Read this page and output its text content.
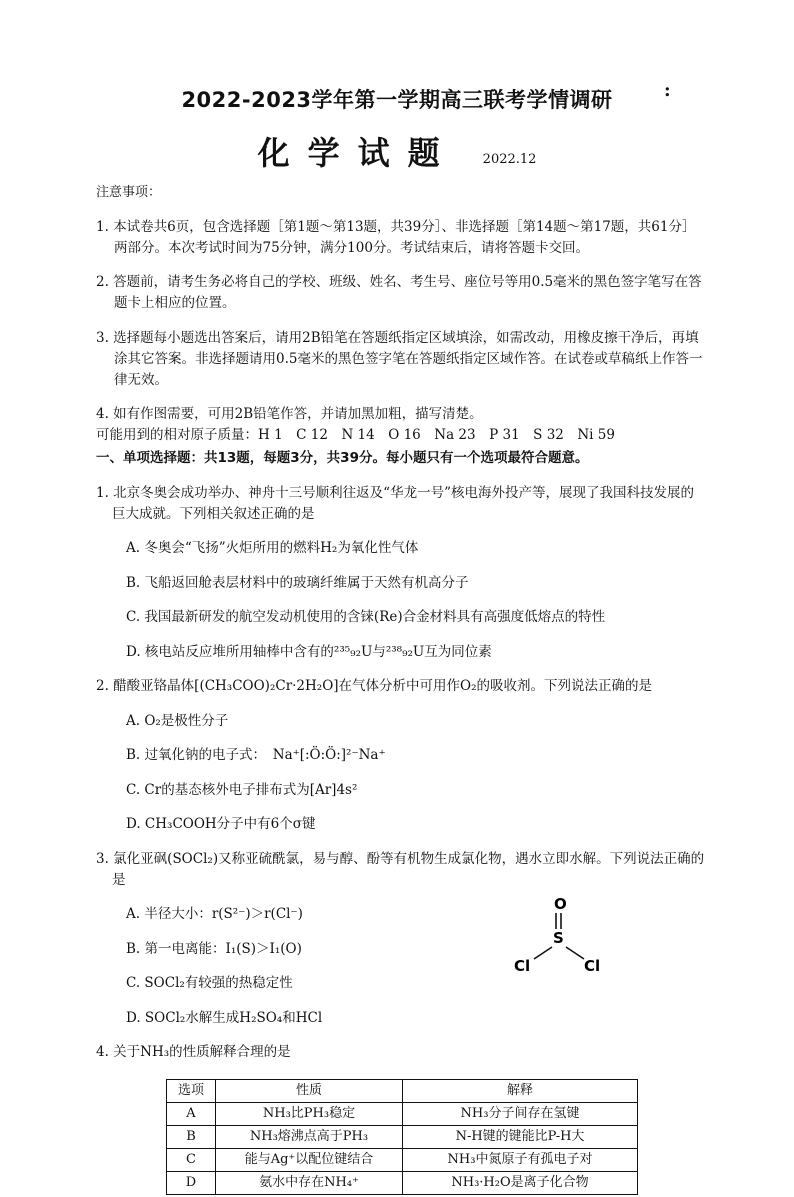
2022-2023学年第一学期高三联考学情调研	:
化学试题 2022.12

注意事项：

1. 本试卷共6页，包含选择题［第1题～第13题，共39分］、非选择题［第14题～第17题，共61分］两部分。本次考试时间为75分钟，满分100分。考试结束后，请将答题卡交回。

2. 答题前，请考生务必将自己的学校、班级、姓名、考生号、座位号等用0.5毫米的黑色签字笔写在答题卡上相应的位置。

3. 选择题每小题选出答案后，请用2B铅笔在答题纸指定区域填涂，如需改动，用橡皮擦干净后，再填涂其它答案。非选择题请用0.5毫米的黑色签字笔在答题纸指定区域作答。在试卷或草稿纸上作答一律无效。

4. 如有作图需要，可用2B铅笔作答，并请加黑加粗，描写清楚。

可能用到的相对原子质量：H 1　C 12　N 14　O 16　Na 23　P 31　S 32　Ni 59

一、单项选择题：共13题，每题3分，共39分。每小题只有一个选项最符合题意。

1. 北京冬奥会成功举办、神舟十三号顺利往返及“华龙一号”核电海外投产等，展现了我国科技发展的巨大成就。下列相关叙述正确的是

A. 冬奥会“飞扬”火炬所用的燃料H₂为氧化性气体

B. 飞船返回舱表层材料中的玻璃纤维属于天然有机高分子

C. 我国最新研发的航空发动机使用的含铼(Re)合金材料具有高强度低熔点的特性

D. 核电站反应堆所用轴棒中含有的²³⁵₉₂U与²³⁸₉₂U互为同位素

2. 醋酸亚铬晶体[(CH₃COO)₂Cr·2H₂O]在气体分析中可用作O₂的吸收剂。下列说法正确的是

A. O₂是极性分子

B. 过氧化钠的电子式：　Na⁺[:Ö:Ö:]²⁻Na⁺

C. Cr的基态核外电子排布式为[Ar]4s²

D. CH₃COOH分子中有6个σ键

3. 氯化亚砜(SOCl₂)又称亚硫酰氯，易与醇、酚等有机物生成氯化物，遇水立即水解。下列说法正确的是

A. 半径大小：r(S²⁻)＞r(Cl⁻)

B. 第一电离能：I₁(S)＞I₁(O)

C. SOCl₂有较强的热稳定性

D. SOCl₂水解生成H₂SO₄和HCl

O
S
Cl	Cl

4. 关于NH₃的性质解释合理的是

选项	性质	解释
A	NH₃比PH₃稳定	NH₃分子间存在氢键
B	NH₃熔沸点高于PH₃	N-H键的键能比P-H大
C	能与Ag⁺以配位键结合	NH₃中氮原子有孤电子对
D	氨水中存在NH₄⁺	NH₃·H₂O是离子化合物
